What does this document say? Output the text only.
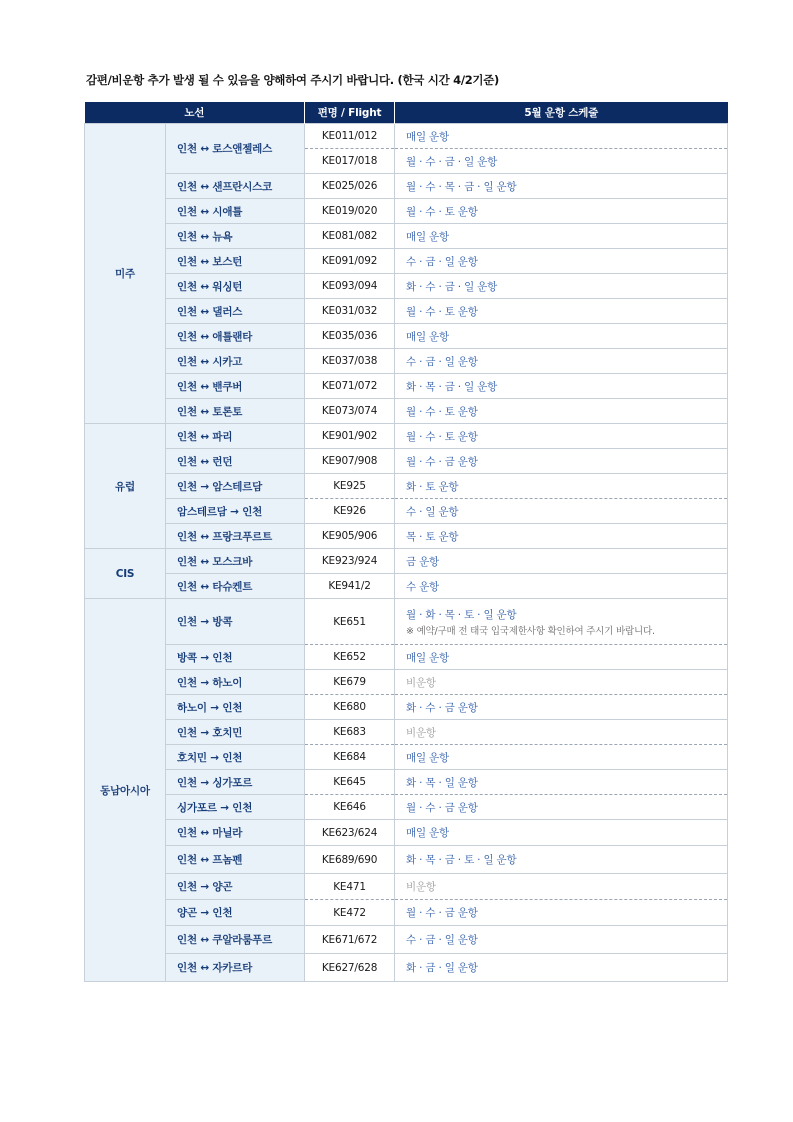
감편/비운항 추가 발생 될 수 있음을 양해하여 주시기 바랍니다. (한국 시간 4/2기준)
노선		편명 / Flight	5월 운항 스케줄
미주	인천 ↔ 로스앤젤레스	KE011/012	매일 운항
		KE017/018	월 · 수 · 금 · 일 운항
	인천 ↔ 샌프란시스코	KE025/026	월 · 수 · 목 · 금 · 일 운항
	인천 ↔ 시애틀	KE019/020	월 · 수 · 토 운항
	인천 ↔ 뉴욕	KE081/082	매일 운항
	인천 ↔ 보스턴	KE091/092	수 · 금 · 일 운항
	인천 ↔ 워싱턴	KE093/094	화 · 수 · 금 · 일 운항
	인천 ↔ 댈러스	KE031/032	월 · 수 · 토 운항
	인천 ↔ 애틀랜타	KE035/036	매일 운항
	인천 ↔ 시카고	KE037/038	수 · 금 · 일 운항
	인천 ↔ 밴쿠버	KE071/072	화 · 목 · 금 · 일 운항
	인천 ↔ 토론토	KE073/074	월 · 수 · 토 운항
유럽	인천 ↔ 파리	KE901/902	월 · 수 · 토 운항
	인천 ↔ 런던	KE907/908	월 · 수 · 금 운항
	인천 → 암스테르담	KE925	화 · 토 운항
	암스테르담 → 인천	KE926	수 · 일 운항
	인천 ↔ 프랑크푸르트	KE905/906	목 · 토 운항
CIS	인천 ↔ 모스크바	KE923/924	금 운항
	인천 ↔ 타슈켄트	KE941/2	수 운항
동남아시아	인천 → 방콕	KE651	월 · 화 · 목 · 토 · 일 운항
※ 예약/구매 전 태국 입국제한사항 확인하여 주시기 바랍니다.

	방콕 → 인천	KE652	매일 운항
	인천 → 하노이	KE679	비운항
	하노이 → 인천	KE680	화 · 수 · 금 운항
	인천 → 호치민	KE683	비운항
	호치민 → 인천	KE684	매일 운항
	인천 → 싱가포르	KE645	화 · 목 · 일 운항
	싱가포르 → 인천	KE646	월 · 수 · 금 운항
	인천 ↔ 마닐라	KE623/624	매일 운항
	인천 ↔ 프놈펜	KE689/690	화 · 목 · 금 · 토 · 일 운항
	인천 → 양곤	KE471	비운항
	양곤 → 인천	KE472	월 · 수 · 금 운항
	인천 ↔ 쿠알라룸푸르	KE671/672	수 · 금 · 일 운항
	인천 ↔ 자카르타	KE627/628	화 · 금 · 일 운항
